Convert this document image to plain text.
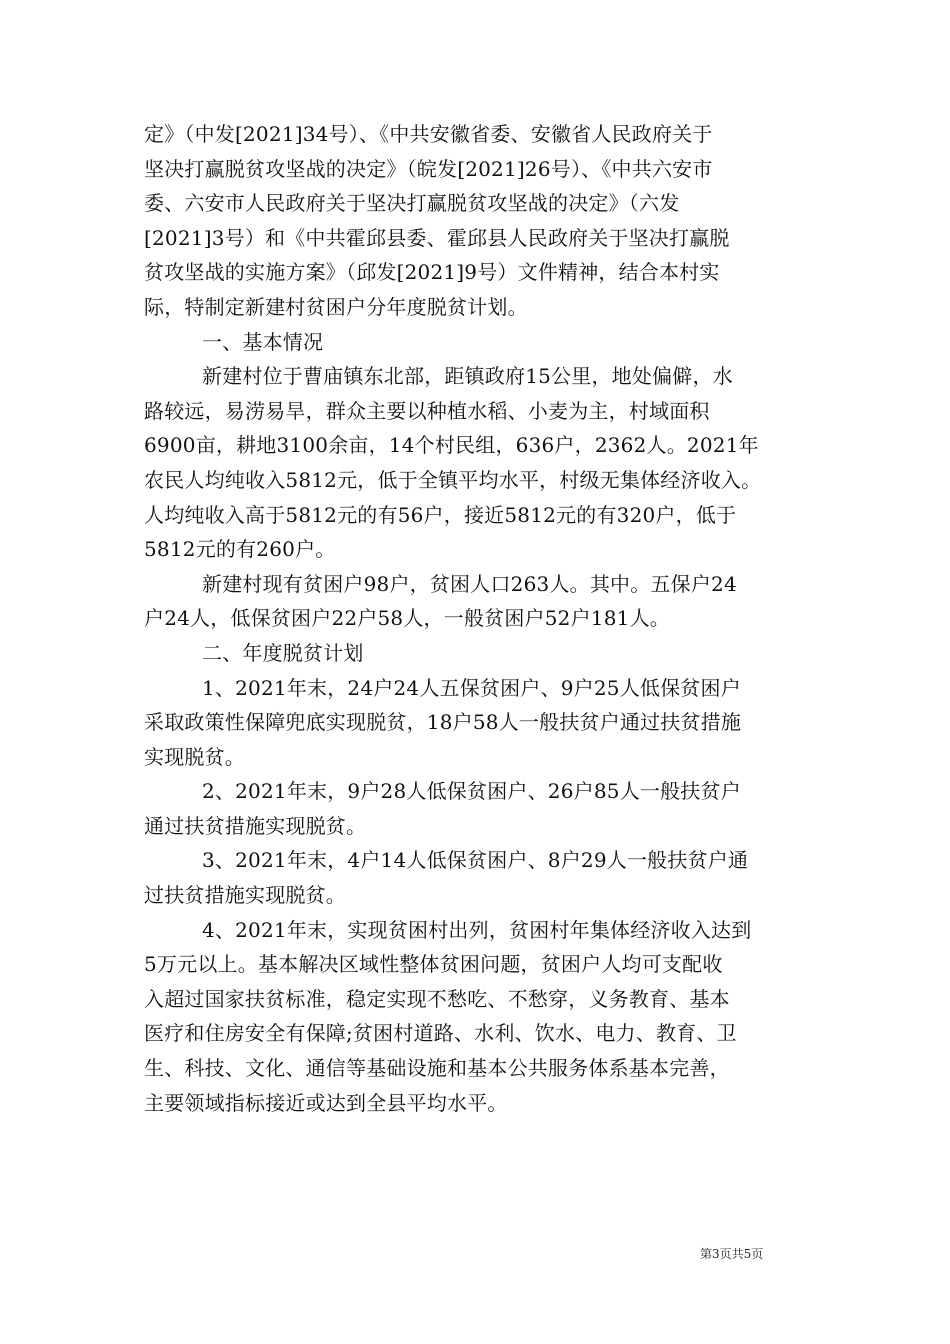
定》（中发[2021]34号）、《中共安徽省委、安徽省人民政府关于
坚决打赢脱贫攻坚战的决定》（皖发[2021]26号）、《中共六安市
委、六安市人民政府关于坚决打赢脱贫攻坚战的决定》（六发
[2021]3号）和《中共霍邱县委、霍邱县人民政府关于坚决打赢脱
贫攻坚战的实施方案》（邱发[2021]9号）文件精神，结合本村实
际，特制定新建村贫困户分年度脱贫计划。
一、基本情况
新建村位于曹庙镇东北部，距镇政府15公里，地处偏僻，水
路较远，易涝易旱，群众主要以种植水稻、小麦为主，村域面积
6900亩，耕地3100余亩，14个村民组，636户，2362人。2021年
农民人均纯收入5812元，低于全镇平均水平，村级无集体经济收入。
人均纯收入高于5812元的有56户，接近5812元的有320户，低于
5812元的有260户。
新建村现有贫困户98户，贫困人口263人。其中。五保户24
户24人，低保贫困户22户58人，一般贫困户52户181人。
二、年度脱贫计划
1、2021年末，24户24人五保贫困户、9户25人低保贫困户
采取政策性保障兜底实现脱贫，18户58人一般扶贫户通过扶贫措施
实现脱贫。
2、2021年末，9户28人低保贫困户、26户85人一般扶贫户
通过扶贫措施实现脱贫。
3、2021年末，4户14人低保贫困户、8户29人一般扶贫户通
过扶贫措施实现脱贫。
4、2021年末，实现贫困村出列，贫困村年集体经济收入达到
5万元以上。基本解决区域性整体贫困问题，贫困户人均可支配收
入超过国家扶贫标准，稳定实现不愁吃、不愁穿，义务教育、基本
医疗和住房安全有保障;贫困村道路、水利、饮水、电力、教育、卫
生、科技、文化、通信等基础设施和基本公共服务体系基本完善，
主要领域指标接近或达到全县平均水平。
第3页共5页
